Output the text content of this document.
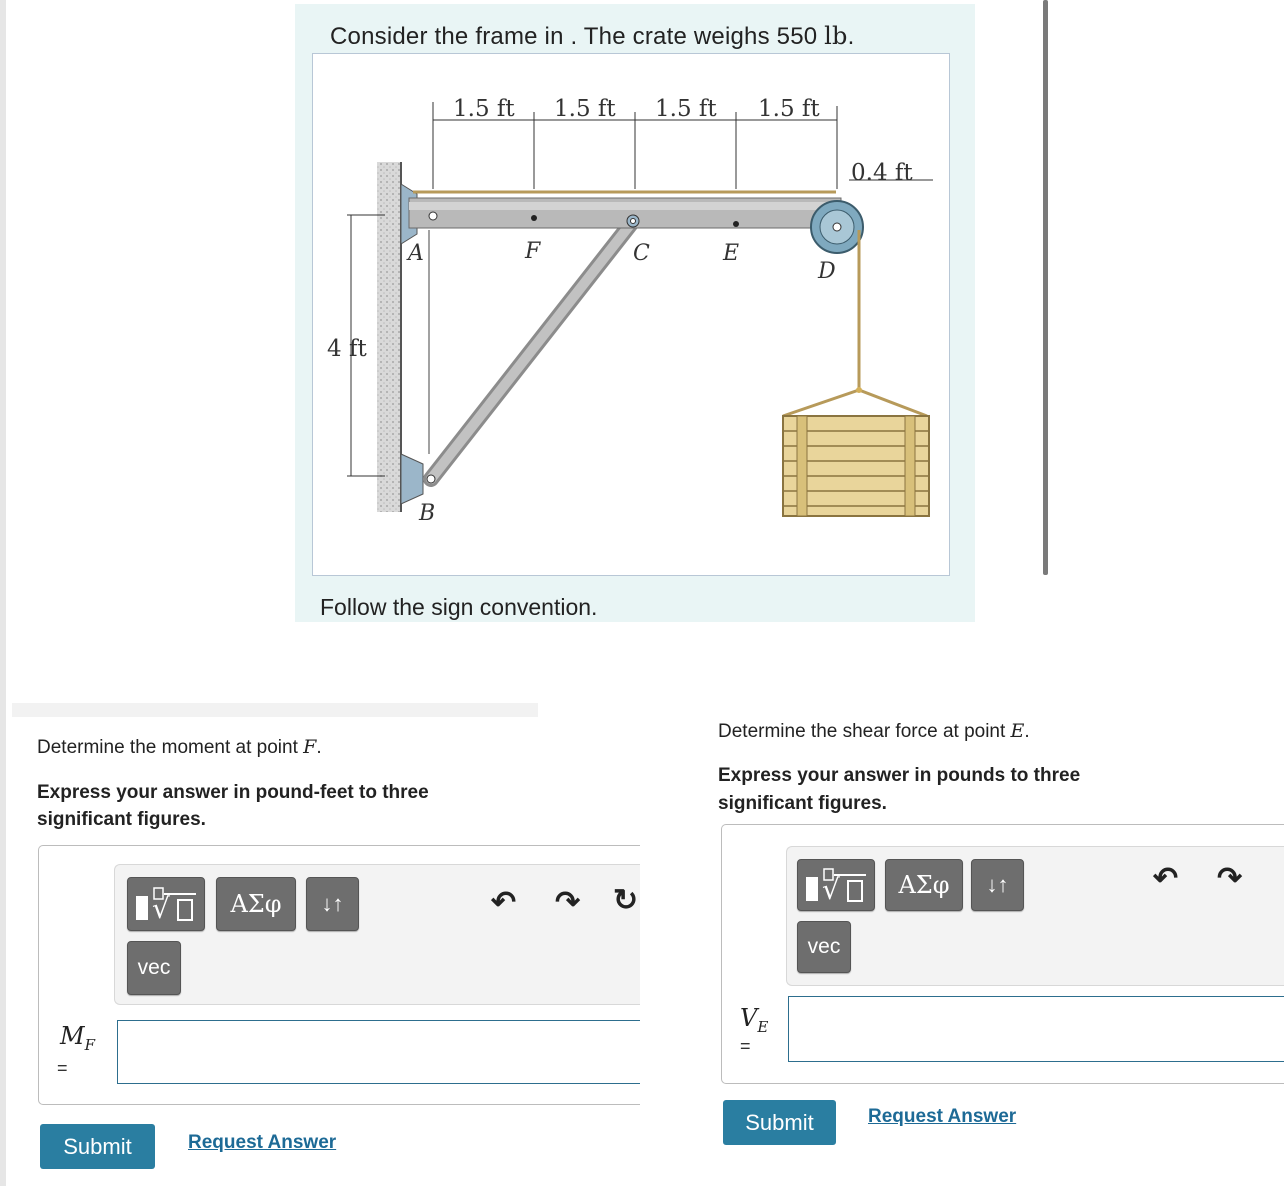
Consider the frame in . The crate weighs 550 lb.
1.5 ft 1.5 ft 1.5 ft 1.5 ft
0.4 ft
4 ft
A
B
C
D
E
F
Follow the sign convention.
Determine the moment at point F.
Express your answer in pound-feet to three significant figures.
√	ΑΣφ	↓↑
vec
↶ ↷ ↻
$M_F$
=
Submit	Request Answer
Determine the shear force at point E.
Express your answer in pounds to three significant figures.
√	ΑΣφ	↓↑
vec
↶ ↷
$V_E$
=
Submit	Request Answer
